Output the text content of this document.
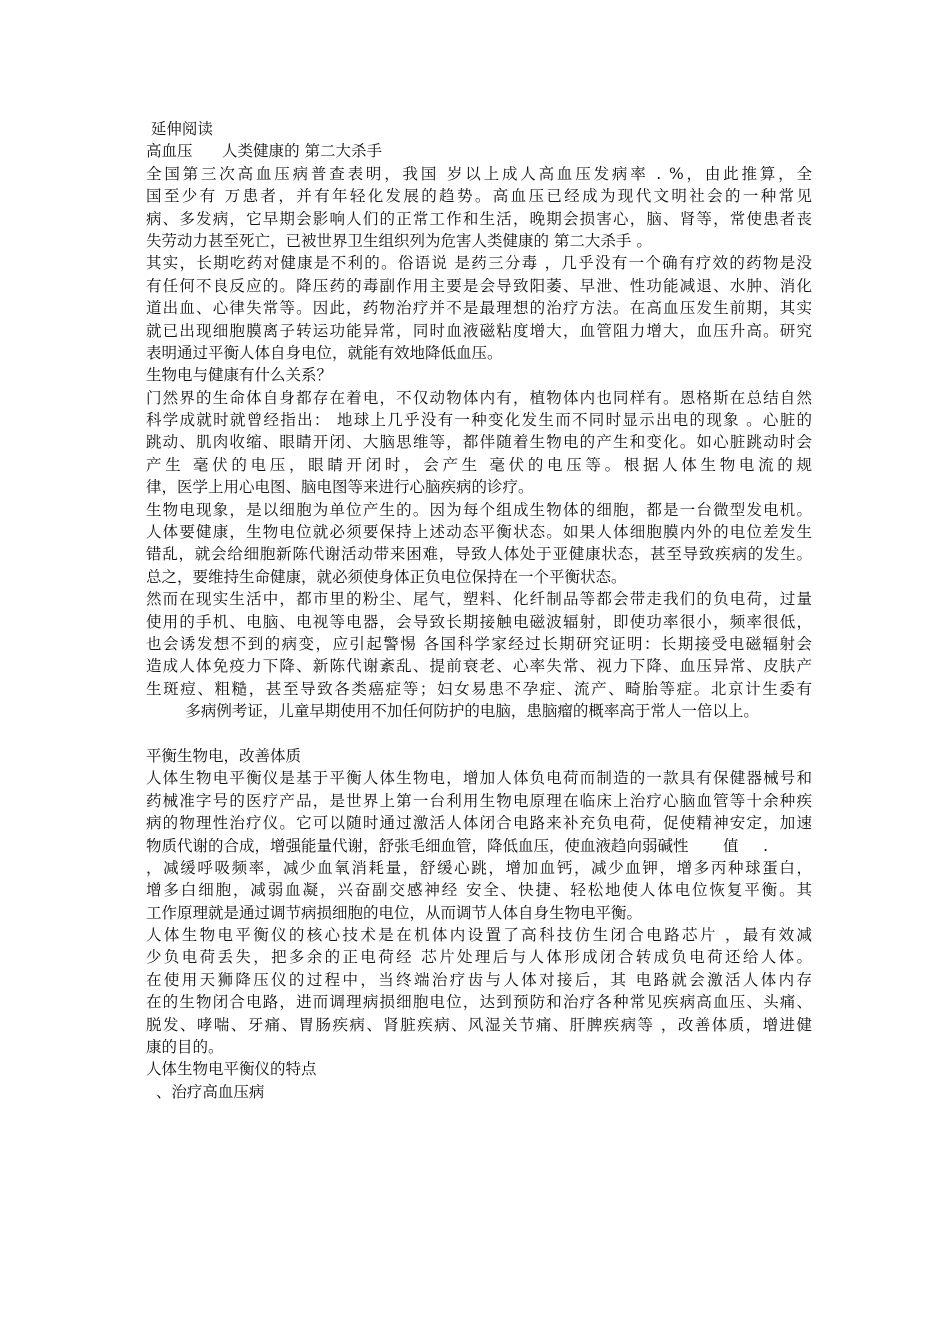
延伸阅读
高血压      人类健康的 第二大杀手
全国第三次高血压病普查表明，我国 岁以上成人高血压发病率 . %，由此推算，全
国至少有 万患者，并有年轻化发展的趋势。高血压已经成为现代文明社会的一种常见
病、多发病，它早期会影响人们的正常工作和生活，晚期会损害心，脑、肾等，常使患者丧
失劳动力甚至死亡，已被世界卫生组织列为危害人类健康的 第二大杀手 。
其实，长期吃药对健康是不利的。俗语说 是药三分毒 ，几乎没有一个确有疗效的药物是没
有任何不良反应的。降压药的毒副作用主要是会导致阳萎、早泄、性功能减退、水肿、消化
道出血、心律失常等。因此，药物治疗并不是最理想的治疗方法。在高血压发生前期，其实
就已出现细胞膜离子转运功能异常，同时血液磁粘度增大，血管阻力增大，血压升高。研究
表明通过平衡人体自身电位，就能有效地降低血压。
生物电与健康有什么关系？
门然界的生命体自身都存在着电，不仅动物体内有，植物体内也同样有。恩格斯在总结自然
科学成就时就曾经指出： 地球上几乎没有一种变化发生而不同时显示出电的现象 。心脏的
跳动、肌肉收缩、眼睛开闭、大脑思维等，都伴随着生物电的产生和变化。如心脏跳动时会
产生 毫伏的电压，眼睛开闭时，会产生 毫伏的电压等。根据人体生物电流的规
律，医学上用心电图、脑电图等来进行心脑疾病的诊疗。
生物电现象，是以细胞为单位产生的。因为每个组成生物体的细胞，都是一台微型发电机。
人体要健康，生物电位就必须要保持上述动态平衡状态。如果人体细胞膜内外的电位差发生
错乱，就会给细胞新陈代谢活动带来困难，导致人体处于亚健康状态，甚至导致疾病的发生。
总之，要维持生命健康，就必须使身体正负电位保持在一个平衡状态。
然而在现实生活中，都市里的粉尘、尾气，塑料、化纤制品等都会带走我们的负电荷，过量
使用的手机、电脑、电视等电器，会导致长期接触电磁波辐射，即使功率很小，频率很低，
也会诱发想不到的病变，应引起警惕 各国科学家经过长期研究证明：长期接受电磁辐射会
造成人体免疫力下降、新陈代谢紊乱、提前衰老、心率失常、视力下降、血压异常、皮肤产
生斑痘、粗糙，甚至导致各类癌症等；妇女易患不孕症、流产、畸胎等症。北京计生委有
多病例考证，儿童早期使用不加任何防护的电脑，患脑瘤的概率高于常人一倍以上。
平衡生物电，改善体质
人体生物电平衡仪是基于平衡人体生物电，增加人体负电荷而制造的一款具有保健器械号和
药械准字号的医疗产品，是世界上第一台利用生物电原理在临床上治疗心脑血管等十余种疾
病的物理性治疗仪。它可以随时通过激活人体闭合电路来补充负电荷，促使精神安定，加速
物质代谢的合成，增强能量代谢，舒张毛细血管，降低血压，使血液趋向弱碱性       值     .
，减缓呼吸频率，减少血氧消耗量，舒缓心跳，增加血钙，减少血钾，增多丙种球蛋白，
增多白细胞，减弱血凝，兴奋副交感神经 安全、快捷、轻松地使人体电位恢复平衡。其
工作原理就是通过调节病损细胞的电位，从而调节人体自身生物电平衡。
人体生物电平衡仪的核心技术是在机体内设置了高科技仿生闭合电路芯片 ，最有效减
少负电荷丢失，把多余的正电荷经 芯片处理后与人体形成闭合转成负电荷还给人体。
在使用天狮降压仪的过程中，当终端治疗齿与人体对接后，其 电路就会激活人体内存
在的生物闭合电路，进而调理病损细胞电位，达到预防和治疗各种常见疾病高血压、头痛、
脱发、哮喘、牙痛、胃肠疾病、肾脏疾病、风湿关节痛、肝脾疾病等 ，改善体质，增进健
康的目的。
人体生物电平衡仪的特点
、治疗高血压病
